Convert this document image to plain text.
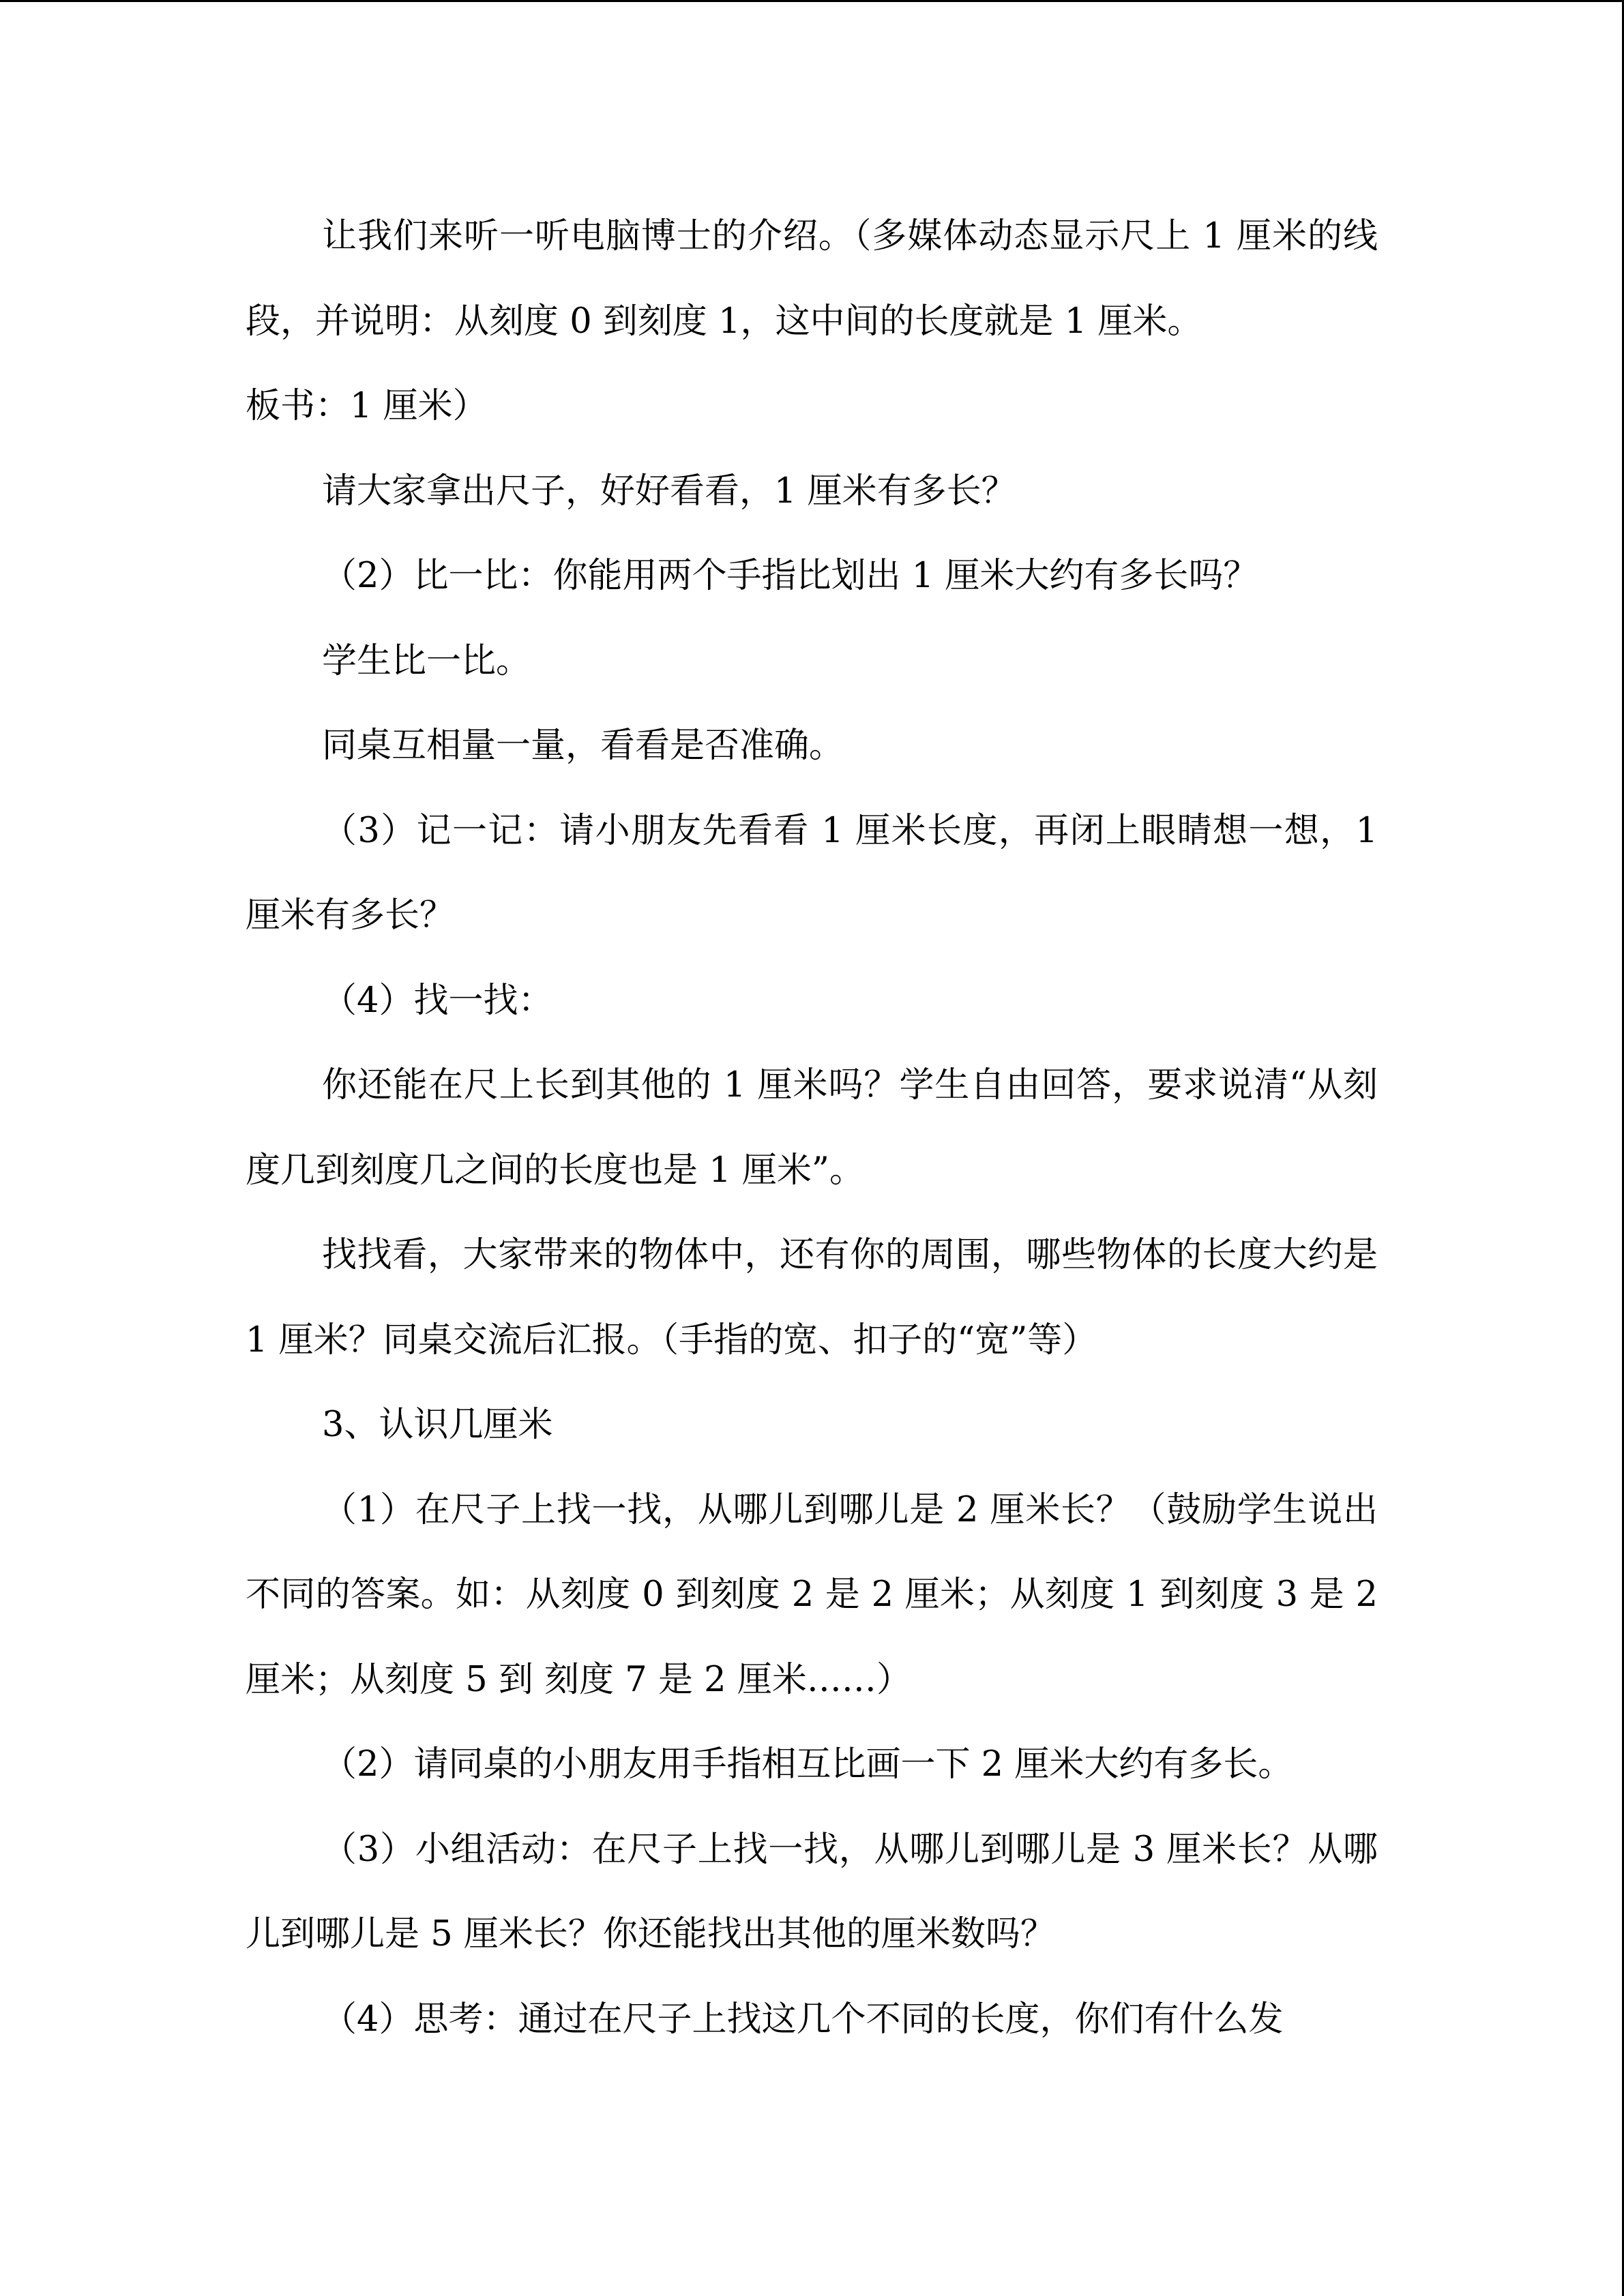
让我们来听一听电脑博士的介绍。（多媒体动态显示尺上 1 厘米的线段，并说明：从刻度 0 到刻度 1，这中间的长度就是 1 厘米。

板书：1 厘米）

请大家拿出尺子，好好看看，1 厘米有多长？

（2）比一比：你能用两个手指比划出 1 厘米大约有多长吗？

学生比一比。

同桌互相量一量，看看是否准确。

（3）记一记：请小朋友先看看 1 厘米长度，再闭上眼睛想一想，1 厘米有多长？

（4）找一找：

你还能在尺上长到其他的 1 厘米吗？学生自由回答，要求说清“从刻度几到刻度几之间的长度也是 1 厘米”。

找找看，大家带来的物体中，还有你的周围，哪些物体的长度大约是 1 厘米？同桌交流后汇报。（手指的宽、扣子的“宽”等）

3、认识几厘米

（1）在尺子上找一找，从哪儿到哪儿是 2 厘米长？（鼓励学生说出不同的答案。如：从刻度 0 到刻度 2 是 2 厘米；从刻度 1 到刻度 3 是 2 厘米；从刻度 5 到 刻度 7 是 2 厘米……）

（2）请同桌的小朋友用手指相互比画一下 2 厘米大约有多长。

（3）小组活动：在尺子上找一找，从哪儿到哪儿是 3 厘米长？从哪儿到哪儿是 5 厘米长？你还能找出其他的厘米数吗？

（4）思考：通过在尺子上找这几个不同的长度，你们有什么发
